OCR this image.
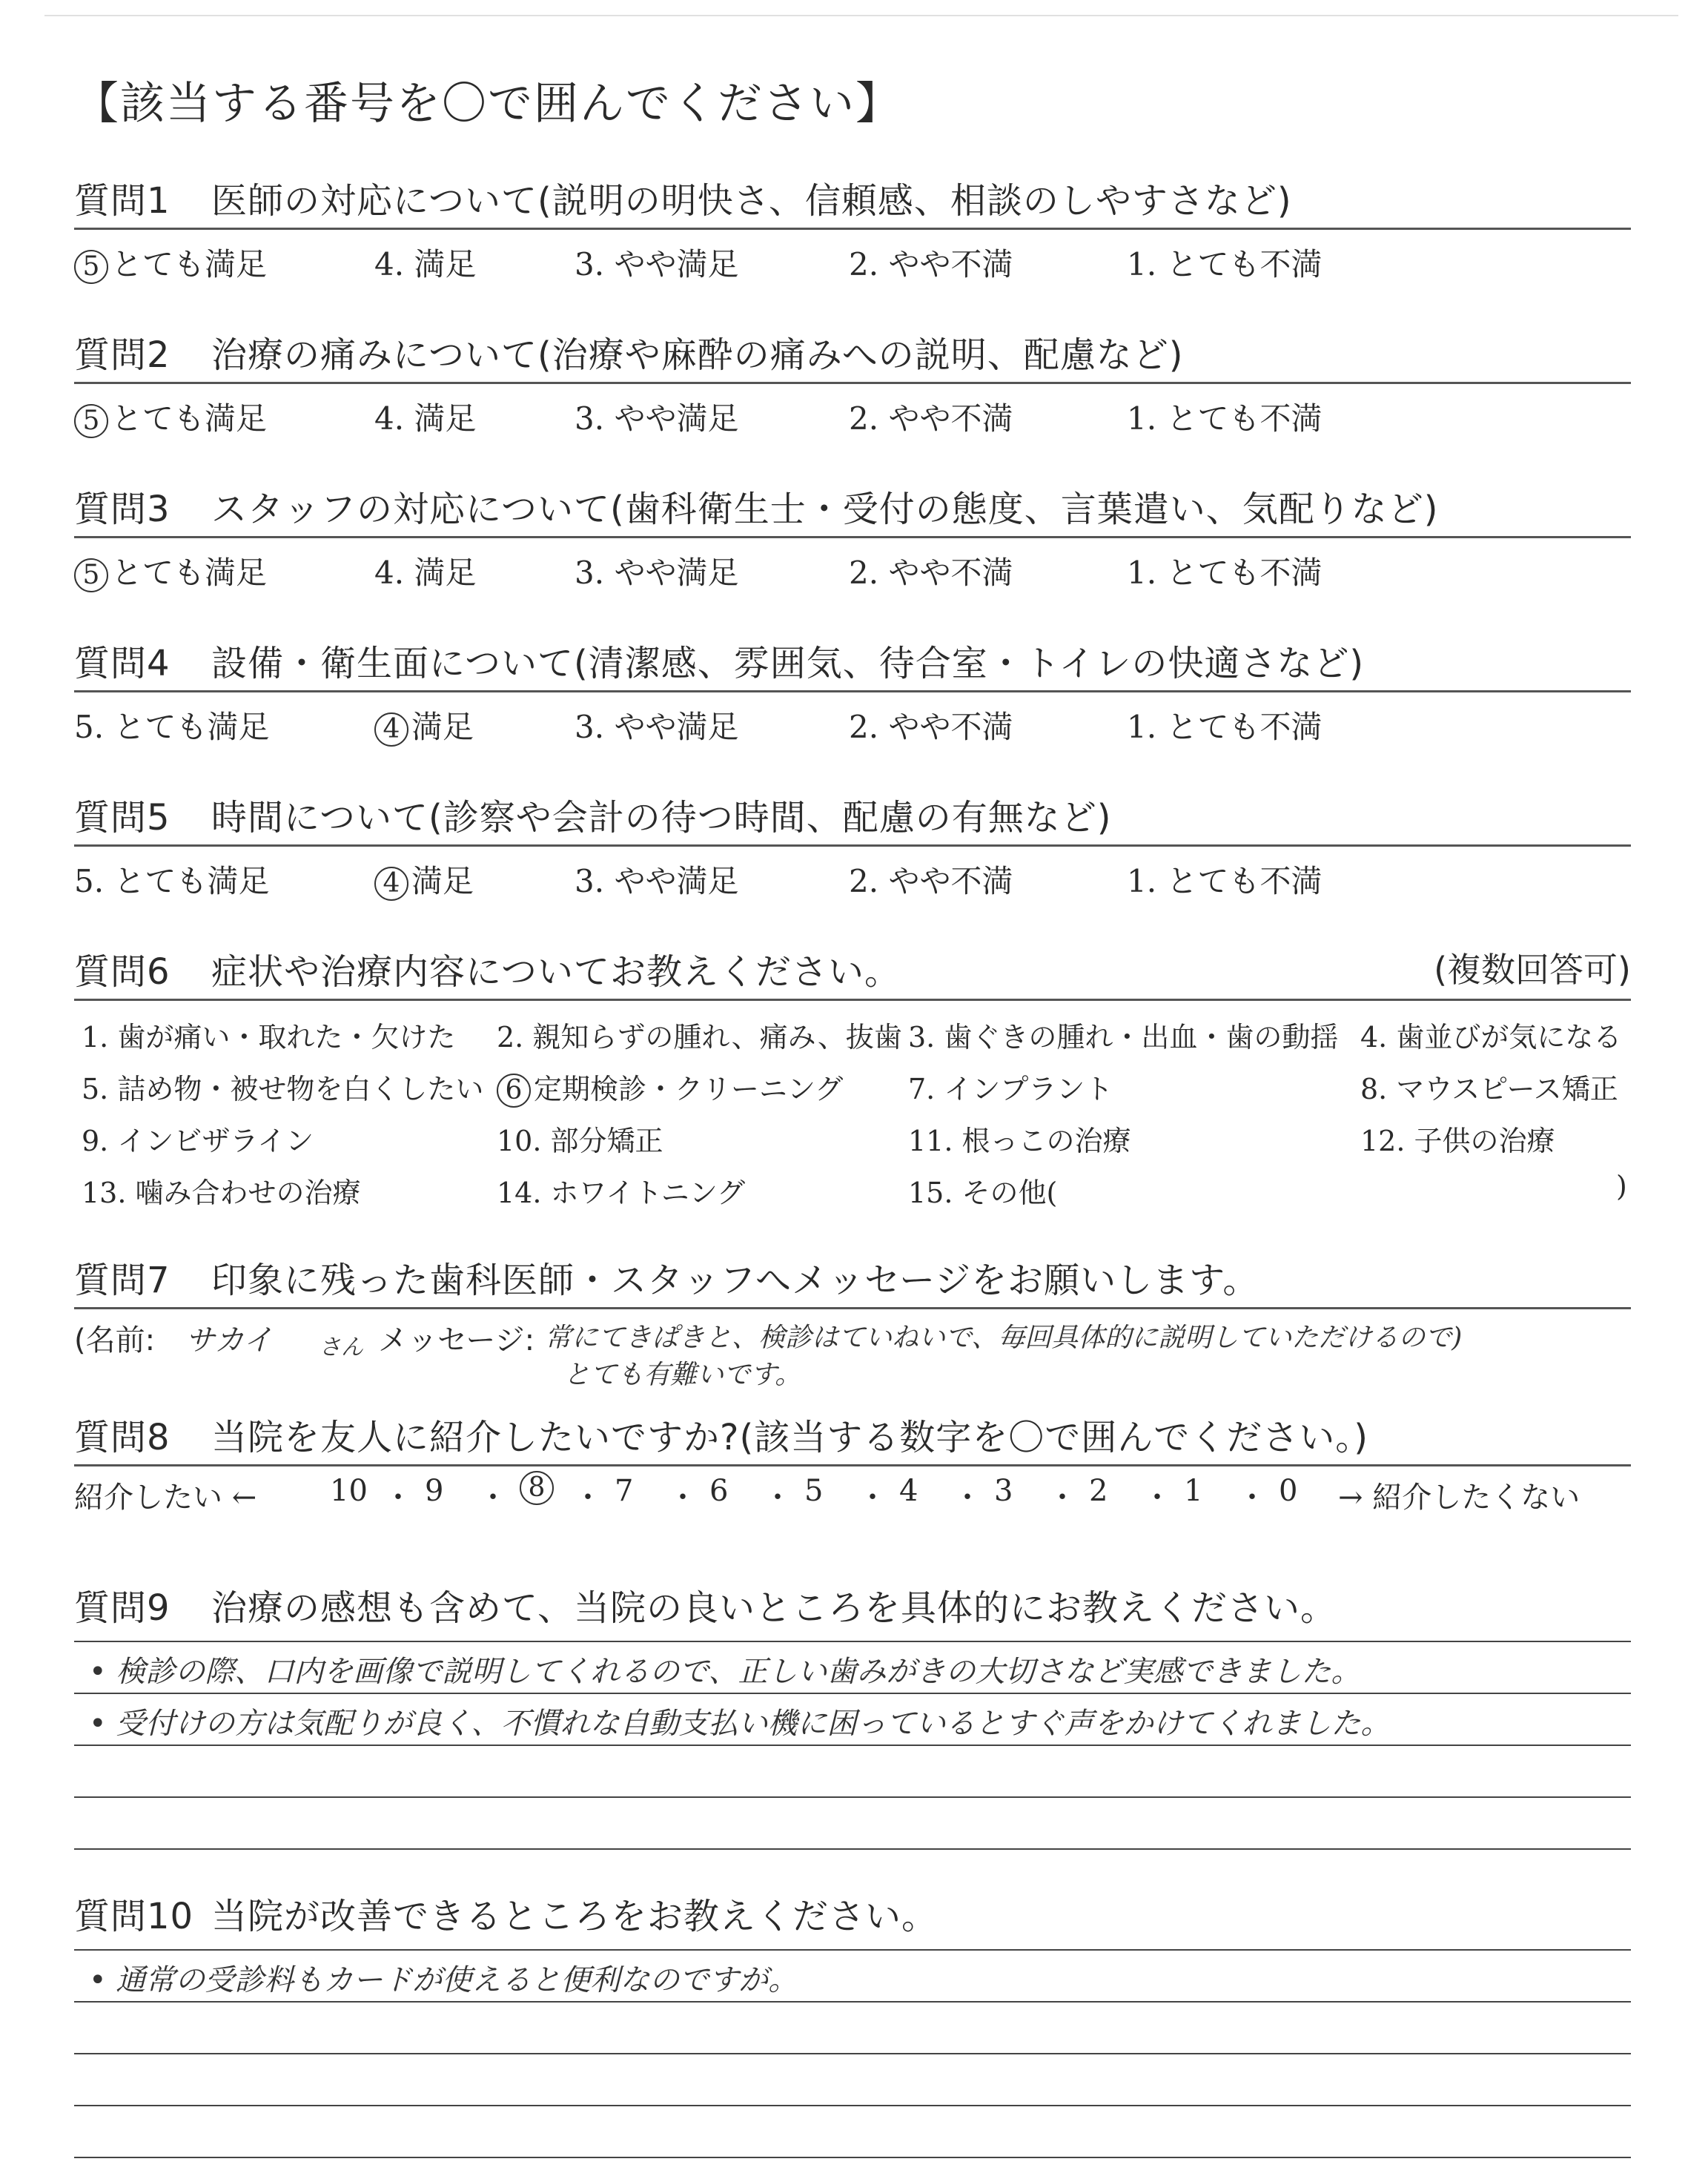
【該当する番号を〇で囲んでください】
質問1 医師の対応について(説明の明快さ、信頼感、相談のしやすさなど)
5 とても満足	4. 満足	3. やや満足	2. やや不満	1. とても不満
質問2 治療の痛みについて(治療や麻酔の痛みへの説明、配慮など)
5 とても満足	4. 満足	3. やや満足	2. やや不満	1. とても不満
質問3 スタッフの対応について(歯科衛生士・受付の態度、言葉遣い、気配りなど)
5 とても満足	4. 満足	3. やや満足	2. やや不満	1. とても不満
質問4 設備・衛生面について(清潔感、雰囲気、待合室・トイレの快適さなど)
5. とても満足	4 満足	3. やや満足	2. やや不満	1. とても不満
質問5 時間について(診察や会計の待つ時間、配慮の有無など)
5. とても満足	4 満足	3. やや満足	2. やや不満	1. とても不満
質問6 症状や治療内容についてお教えください。	(複数回答可)
1. 歯が痛い・取れた・欠けた 2. 親知らずの腫れ、痛み、抜歯 3. 歯ぐきの腫れ・出血・歯の動揺 4. 歯並びが気になる
5. 詰め物・被せ物を白くしたい 6 定期検診・クリーニング 7. インプラント	8. マウスピース矯正
9. インビザライン	10. 部分矯正	11. 根っこの治療	12. 子供の治療
13. 噛み合わせの治療	14. ホワイトニング	15. その他(	)
質問7 印象に残った歯科医師・スタッフへメッセージをお願いします。
(名前: サカイ さん メッセージ: 常にてきぱきと、検診はていねいで、毎回具体的に説明していただけるので)
とても有難いです。
質問8 当院を友人に紹介したいですか?(該当する数字を〇で囲んでください。)
紹介したい ← 10 ・ 9 ・ 8 ・ 7 ・ 6 ・ 5 ・ 4 ・ 3 ・ 2 ・ 1 ・ 0 → 紹介したくない
質問9 治療の感想も含めて、当院の良いところを具体的にお教えください。
• 検診の際、口内を画像で説明してくれるので、正しい歯みがきの大切さなど実感できました。
• 受付けの方は気配りが良く、不慣れな自動支払い機に困っているとすぐ声をかけてくれました。
質問10 当院が改善できるところをお教えください。
• 通常の受診料もカードが使えると便利なのですが。
